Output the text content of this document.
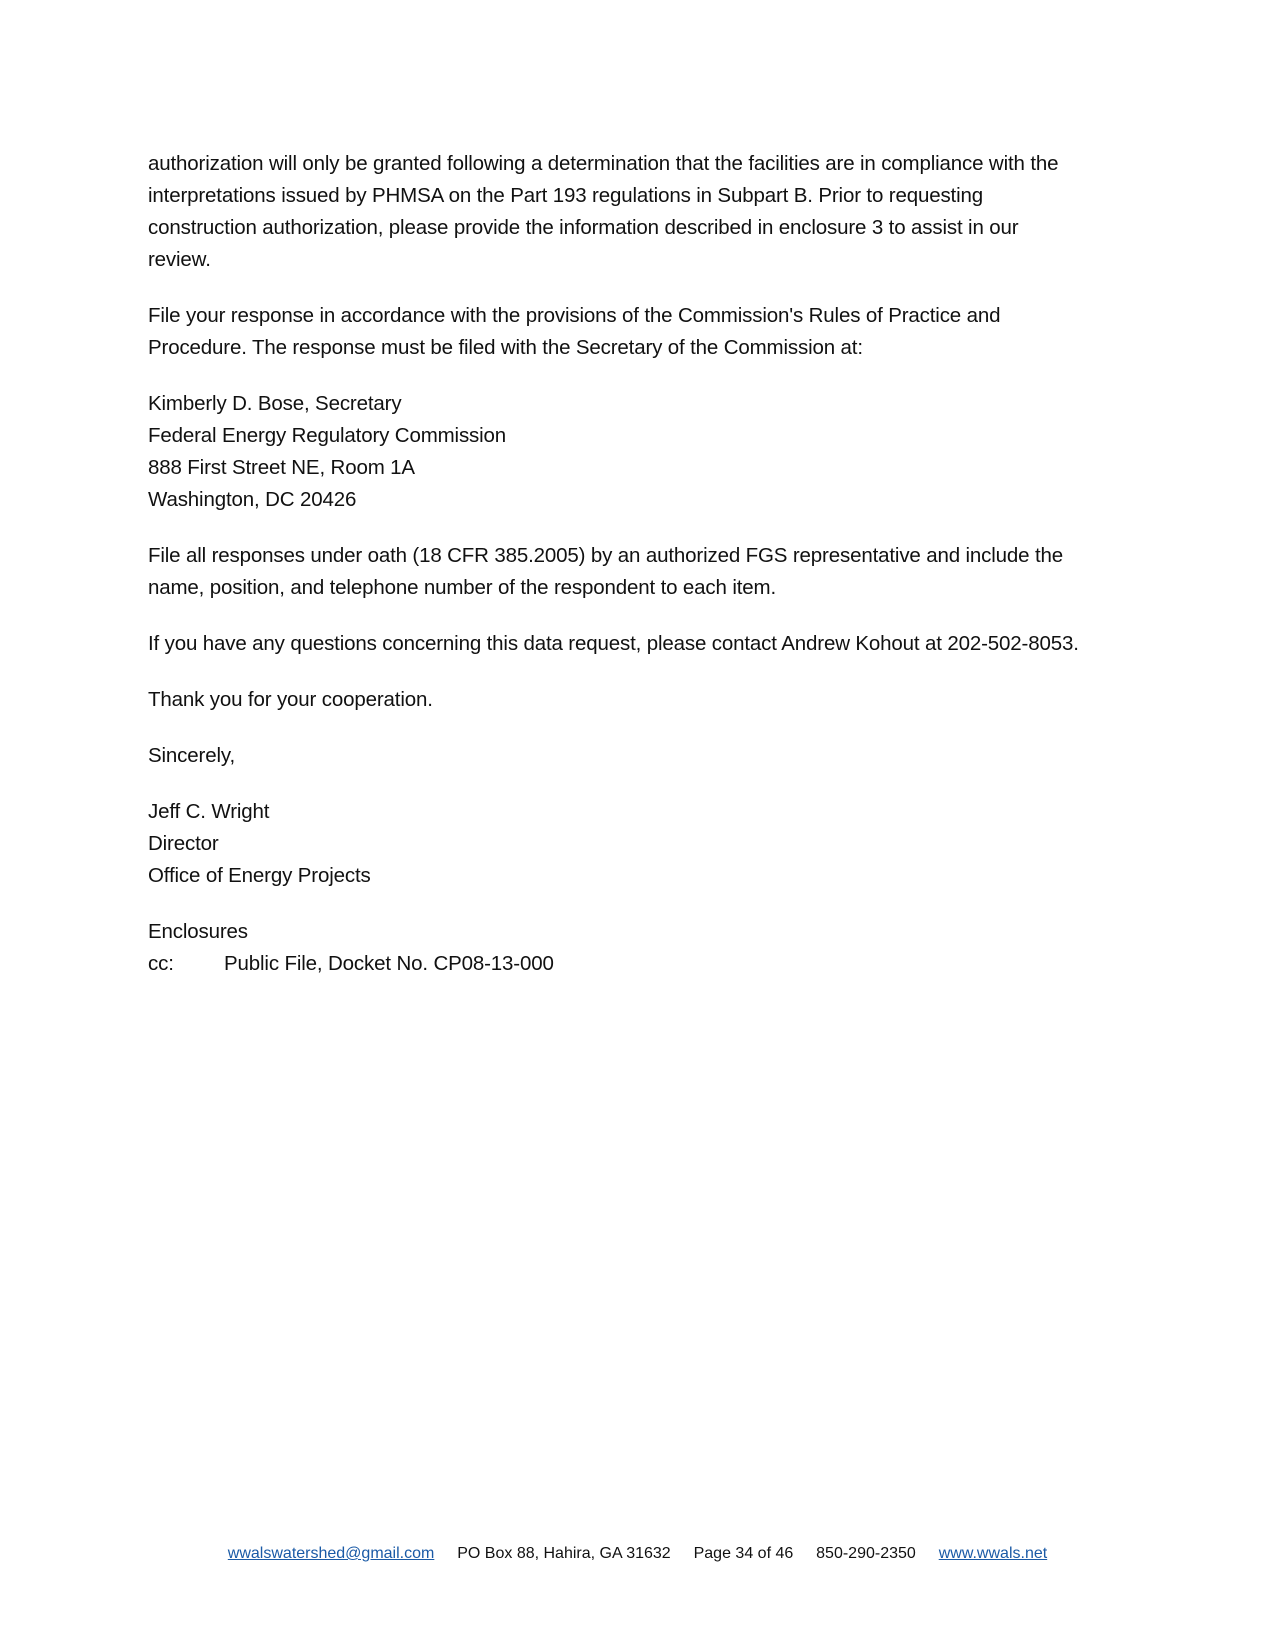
authorization will only be granted following a determination that the facilities are in compliance with the
interpretations issued by PHMSA on the Part 193 regulations in Subpart B. Prior to requesting
construction authorization, please provide the information described in enclosure 3 to assist in our
review.
File your response in accordance with the provisions of the Commission's Rules of Practice and
Procedure. The response must be filed with the Secretary of the Commission at:
Kimberly D. Bose, Secretary
Federal Energy Regulatory Commission
888 First Street NE, Room 1A
Washington, DC 20426
File all responses under oath (18 CFR 385.2005) by an authorized FGS representative and include the
name, position, and telephone number of the respondent to each item.
If you have any questions concerning this data request, please contact Andrew Kohout at 202-502-8053.
Thank you for your cooperation.
Sincerely,
Jeff C. Wright
Director
Office of Energy Projects
Enclosures
cc: Public File, Docket No. CP08-13-000
wwalswatershed@gmail.com PO Box 88, Hahira, GA 31632 Page 34 of 46 850-290-2350 www.wwals.net
